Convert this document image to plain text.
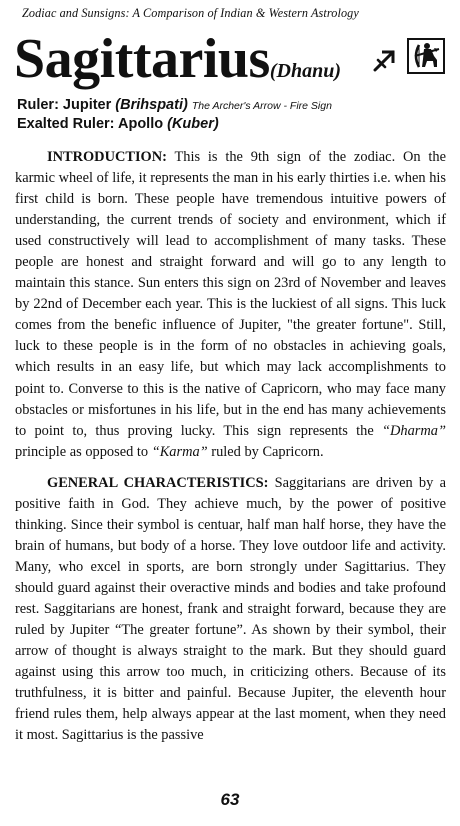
Zodiac and Sunsigns: A Comparison of Indian & Western Astrology
Sagittarius(Dhanu)
Ruler: Jupiter (Brihspati) The Archer's Arrow - Fire Sign
Exalted Ruler: Apollo (Kuber)

INTRODUCTION: This is the 9th sign of the zodiac. On the karmic wheel of life, it represents the man in his early thirties i.e. when his first child is born. These people have tremendous intuitive powers of understanding, the current trends of society and environment, which if used constructively will lead to accomplishment of many tasks. These people are honest and straight forward and will go to any length to maintain this stance. Sun enters this sign on 23rd of November and leaves by 22nd of December each year. This is the luckiest of all signs. This luck comes from the benefic influence of Jupiter, "the greater fortune". Still, luck to these people is in the form of no obstacles in achieving goals, which results in an easy life, but which may lack accomplishments to point to. Converse to this is the native of Capricorn, who may face many obstacles or misfortunes in his life, but in the end has many achievements to point to, thus proving lucky. This sign represents the “Dharma” principle as opposed to “Karma” ruled by Capricorn.

GENERAL CHARACTERISTICS: Saggitarians are driven by a positive faith in God. They achieve much, by the power of positive thinking. Since their symbol is centuar, half man half horse, they have the brain of humans, but body of a horse. They love outdoor life and activity. Many, who excel in sports, are born strongly under Sagittarius. They should guard against their overactive minds and bodies and take profound rest. Saggitarians are honest, frank and straight forward, because they are ruled by Jupiter “The greater fortune”. As shown by their symbol, their arrow of thought is always straight to the mark. But they should guard against using this arrow too much, in criticizing others. Because of its truthfulness, it is bitter and painful. Because Jupiter, the eleventh hour friend rules them, help always appear at the last moment, when they need it most. Sagittarius is the passive

63
